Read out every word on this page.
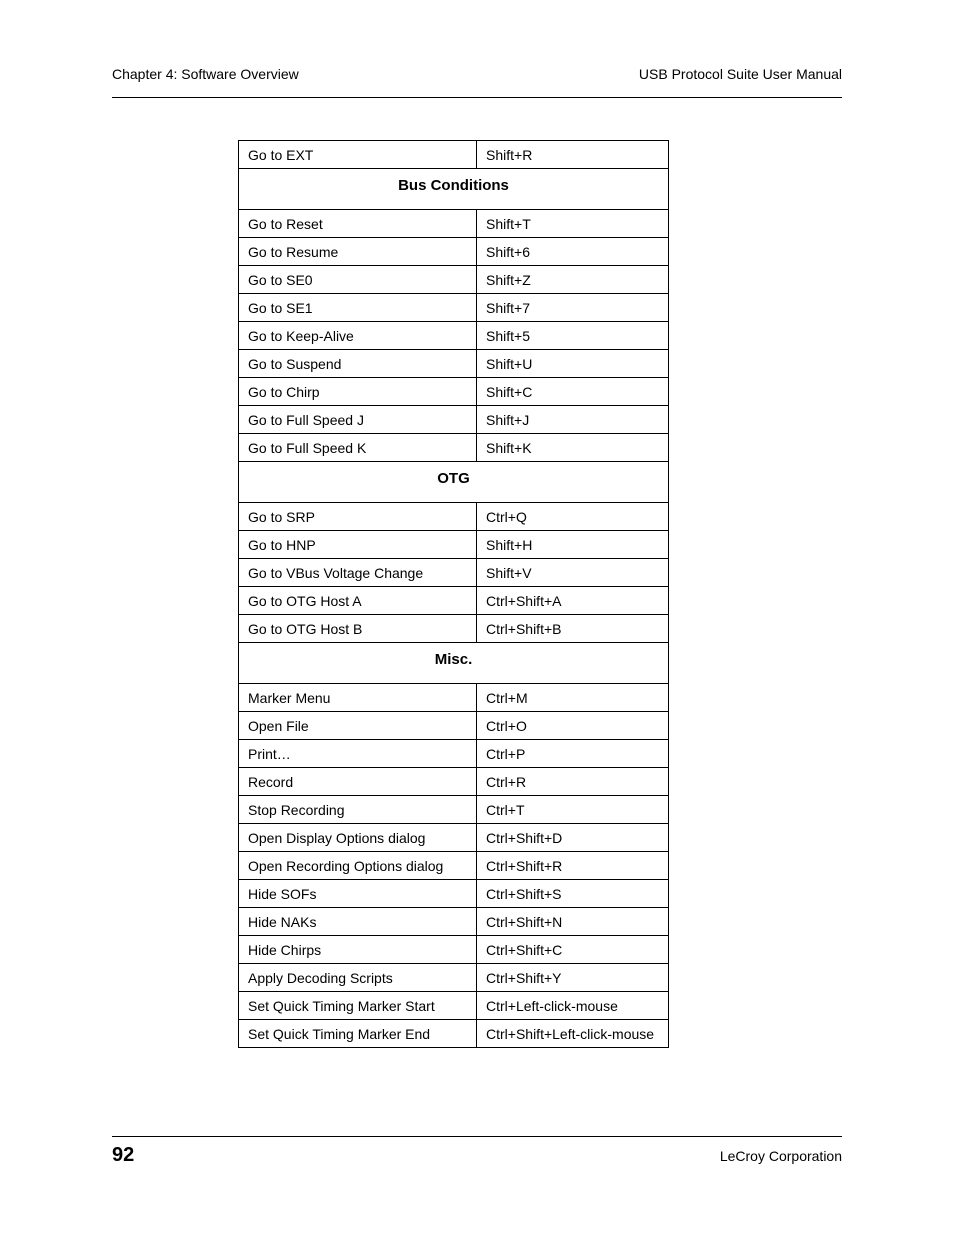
Chapter 4: Software Overview	USB Protocol Suite User Manual
Go to EXT	Shift+R
Bus Conditions	
Go to Reset	Shift+T
Go to Resume	Shift+6
Go to SE0	Shift+Z
Go to SE1	Shift+7
Go to Keep-Alive	Shift+5
Go to Suspend	Shift+U
Go to Chirp	Shift+C
Go to Full Speed J	Shift+J
Go to Full Speed K	Shift+K
OTG	
Go to SRP	Ctrl+Q
Go to HNP	Shift+H
Go to VBus Voltage Change	Shift+V
Go to OTG Host A	Ctrl+Shift+A
Go to OTG Host B	Ctrl+Shift+B
Misc.	
Marker Menu	Ctrl+M
Open File	Ctrl+O
Print…	Ctrl+P
Record	Ctrl+R
Stop Recording	Ctrl+T
Open Display Options dialog	Ctrl+Shift+D
Open Recording Options dialog	Ctrl+Shift+R
Hide SOFs	Ctrl+Shift+S
Hide NAKs	Ctrl+Shift+N
Hide Chirps	Ctrl+Shift+C
Apply Decoding Scripts	Ctrl+Shift+Y
Set Quick Timing Marker Start	Ctrl+Left-click-mouse
Set Quick Timing Marker End	Ctrl+Shift+Left-click-mouse
92	LeCroy Corporation
